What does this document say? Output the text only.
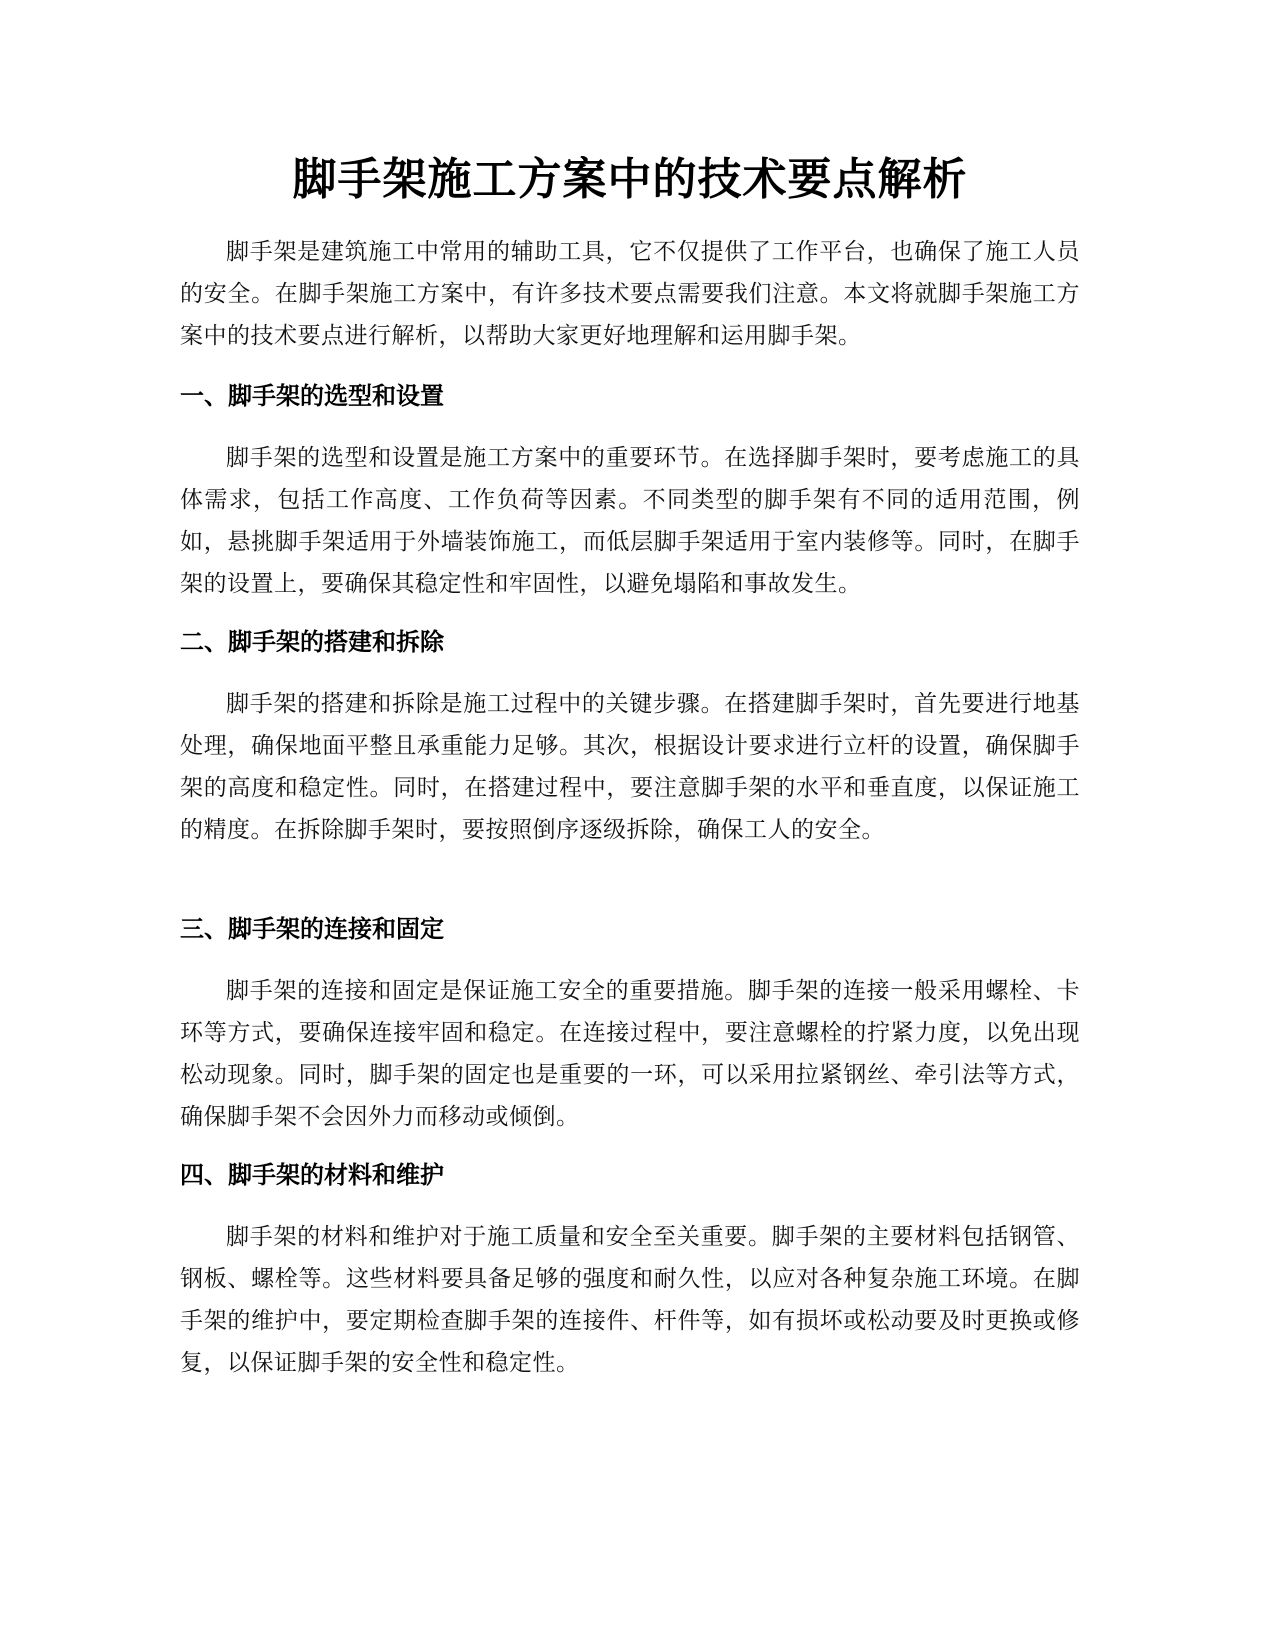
脚手架施工方案中的技术要点解析

脚手架是建筑施工中常用的辅助工具，它不仅提供了工作平台，也确保了施工人员的安全。在脚手架施工方案中，有许多技术要点需要我们注意。本文将就脚手架施工方案中的技术要点进行解析，以帮助大家更好地理解和运用脚手架。

一、脚手架的选型和设置

脚手架的选型和设置是施工方案中的重要环节。在选择脚手架时，要考虑施工的具体需求，包括工作高度、工作负荷等因素。不同类型的脚手架有不同的适用范围，例如，悬挑脚手架适用于外墙装饰施工，而低层脚手架适用于室内装修等。同时，在脚手架的设置上，要确保其稳定性和牢固性，以避免塌陷和事故发生。

二、脚手架的搭建和拆除

脚手架的搭建和拆除是施工过程中的关键步骤。在搭建脚手架时，首先要进行地基处理，确保地面平整且承重能力足够。其次，根据设计要求进行立杆的设置，确保脚手架的高度和稳定性。同时，在搭建过程中，要注意脚手架的水平和垂直度，以保证施工的精度。在拆除脚手架时，要按照倒序逐级拆除，确保工人的安全。

三、脚手架的连接和固定

脚手架的连接和固定是保证施工安全的重要措施。脚手架的连接一般采用螺栓、卡环等方式，要确保连接牢固和稳定。在连接过程中，要注意螺栓的拧紧力度，以免出现松动现象。同时，脚手架的固定也是重要的一环，可以采用拉紧钢丝、牵引法等方式，确保脚手架不会因外力而移动或倾倒。

四、脚手架的材料和维护

脚手架的材料和维护对于施工质量和安全至关重要。脚手架的主要材料包括钢管、钢板、螺栓等。这些材料要具备足够的强度和耐久性，以应对各种复杂施工环境。在脚手架的维护中，要定期检查脚手架的连接件、杆件等，如有损坏或松动要及时更换或修复，以保证脚手架的安全性和稳定性。
